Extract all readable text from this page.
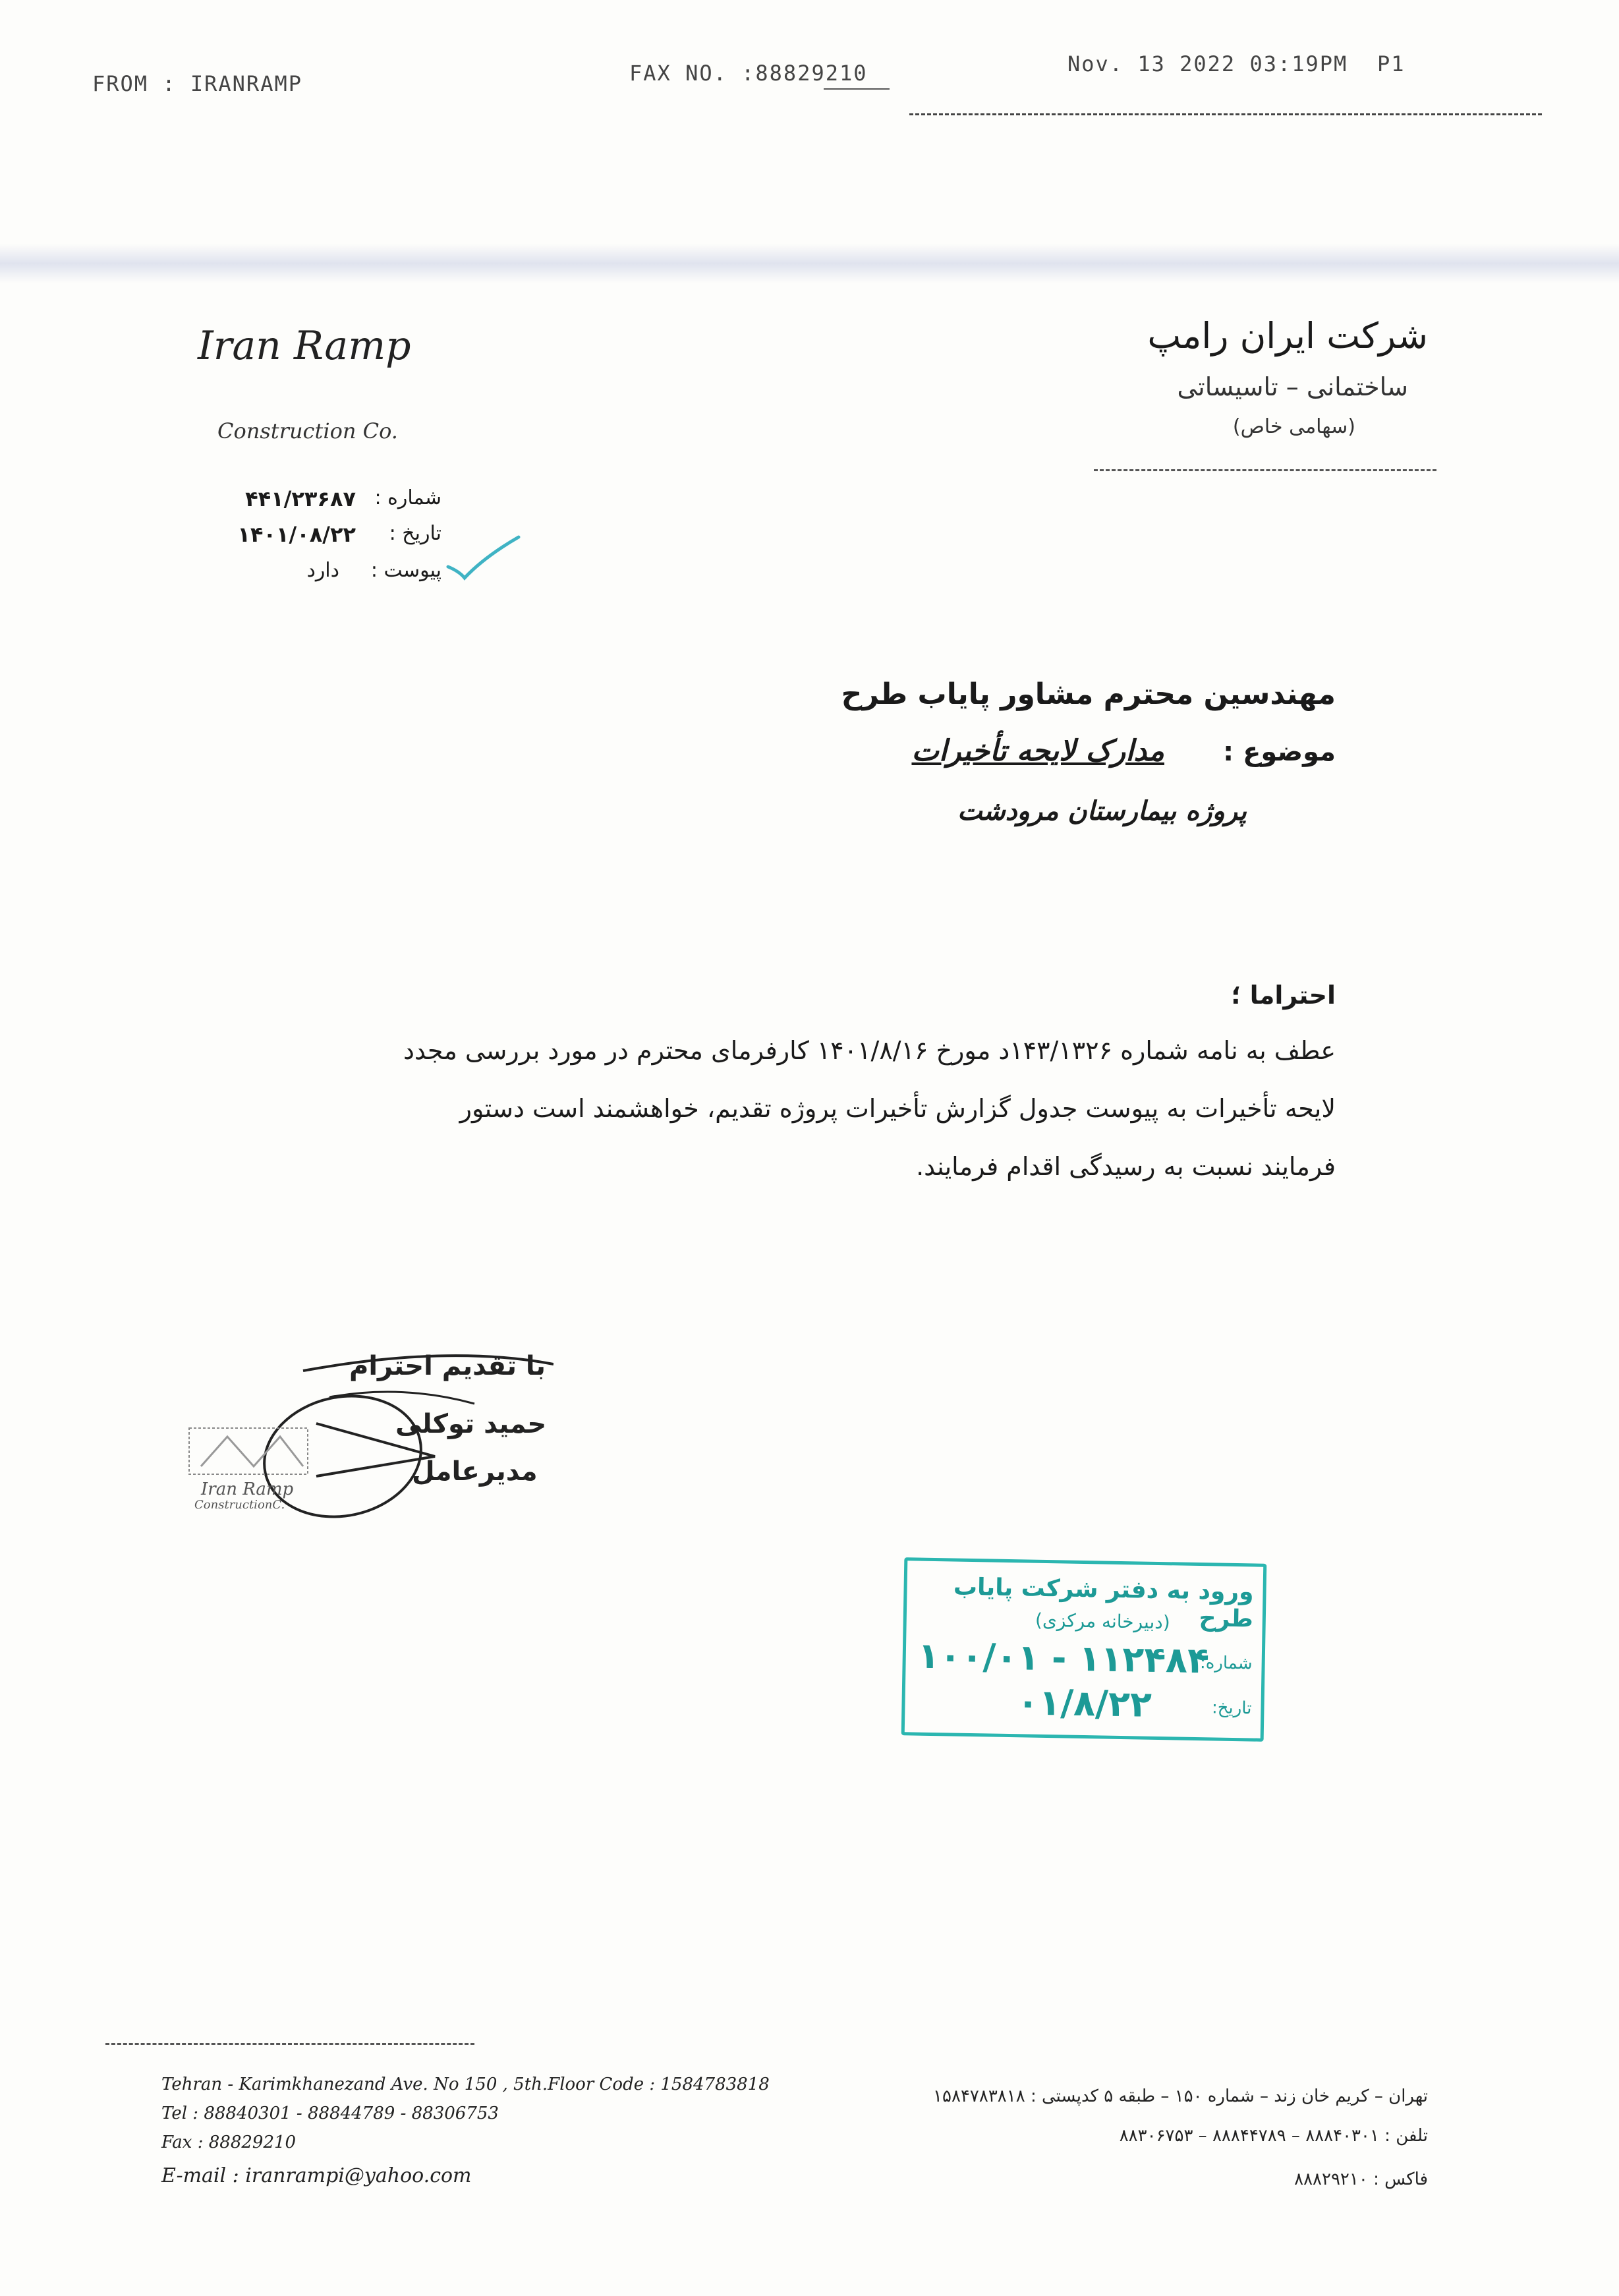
FROM : IRANRAMP	FAX NO. :88829210	Nov. 13 2022 03:19PM P1
Iran Ramp
Construction Co.
شرکت ایران رامپ
ساختمانی – تاسیساتی
(سهامی خاص)
شماره :
۴۴۱/۲۳۶۸۷
تاریخ :
۱۴۰۱/۰۸/۲۲
پیوست :
دارد
مهندسین محترم مشاور پایاب طرح
موضوع :
مدارک لایحه تأخیرات
پروژه بیمارستان مرودشت
احتراما ؛
عطف به نامه شماره ۱۴۳/۱۳۲۶د مورخ ۱۴۰۱/۸/۱۶ کارفرمای محترم در مورد بررسی مجدد
لایحه تأخیرات به پیوست جدول گزارش تأخیرات پروژه تقدیم، خواهشمند است دستور
فرمایند نسبت به رسیدگی اقدام فرمایند.
با تقدیم احترام
حمید توکلی
مدیرعامل
Iran Ramp
ConstructionC.
ورود به دفتر شرکت پایاب طرح
(دبیرخانه مرکزی)
شماره:
۱۰۰/۰۱ - ۱۱۲۴۸۴
تاریخ:
۰۱/۸/۲۲
Tehran - Karimkhanezand Ave. No 150 , 5th.Floor Code : 1584783818
Tel : 88840301 - 88844789 - 88306753
Fax : 88829210
E-mail : iranrampi@yahoo.com
تهران – کریم خان زند – شماره ۱۵۰ – طبقه ۵ کدپستی : ۱۵۸۴۷۸۳۸۱۸
تلفن : ۸۸۸۴۰۳۰۱ – ۸۸۸۴۴۷۸۹ – ۸۸۳۰۶۷۵۳
فاکس : ۸۸۸۲۹۲۱۰
